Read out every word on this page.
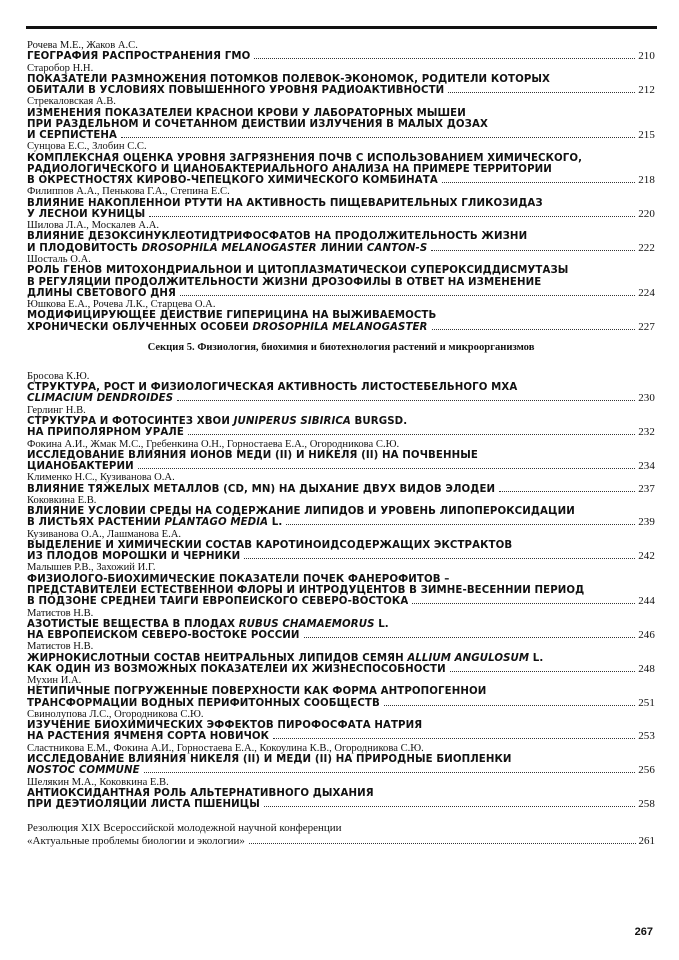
Рочева М.Е., Жаков А.С.
ГЕОГРАФИЯ РАСПРОСТРАНЕНИЯ ГМО	210
Старобор Н.Н.
ПОКАЗАТЕЛИ РАЗМНОЖЕНИЯ ПОТОМКОВ ПОЛЕВОК-ЭКОНОМОК, РОДИТЕЛИ КОТОРЫХ
ОБИТАЛИ В УСЛОВИЯХ ПОВЫШЕННОГО УРОВНЯ РАДИОАКТИВНОСТИ	212
Стрекаловская А.В.
ИЗМЕНЕНИЯ ПОКАЗАТЕЛЕЙ КРАСНОЙ КРОВИ У ЛАБОРАТОРНЫХ МЫШЕЙ
ПРИ РАЗДЕЛЬНОМ И СОЧЕТАННОМ ДЕЙСТВИИ ИЗЛУЧЕНИЯ В МАЛЫХ ДОЗАХ
И СЕРПИСТЕНА	215
Сунцова Е.С., Злобин С.С.
КОМПЛЕКСНАЯ ОЦЕНКА УРОВНЯ ЗАГРЯЗНЕНИЯ ПОЧВ С ИСПОЛЬЗОВАНИЕМ ХИМИЧЕСКОГО,
РАДИОЛОГИЧЕСКОГО И ЦИАНОБАКТЕРИАЛЬНОГО АНАЛИЗА НА ПРИМЕРЕ ТЕРРИТОРИИ
В ОКРЕСТНОСТЯХ КИРОВО-ЧЕПЕЦКОГО ХИМИЧЕСКОГО КОМБИНАТА	218
Филиппов А.А., Пенькова Г.А., Степина Е.С.
ВЛИЯНИЕ НАКОПЛЕННОЙ РТУТИ НА АКТИВНОСТЬ ПИЩЕВАРИТЕЛЬНЫХ ГЛИКОЗИДАЗ
У ЛЕСНОЙ КУНИЦЫ	220
Шилова Л.А., Москалев А.А.
ВЛИЯНИЕ ДЕЗОКСИНУКЛЕОТИДТРИФОСФАТОВ НА ПРОДОЛЖИТЕЛЬНОСТЬ ЖИЗНИ
И ПЛОДОВИТОСТЬ DROSOPHILA MELANOGASTER ЛИНИИ CANTON-S	222
Шосталь О.А.
РОЛЬ ГЕНОВ МИТОХОНДРИАЛЬНОЙ И ЦИТОПЛАЗМАТИЧЕСКОЙ СУПЕРОКСИДДИСМУТАЗЫ
В РЕГУЛЯЦИИ ПРОДОЛЖИТЕЛЬНОСТИ ЖИЗНИ ДРОЗОФИЛЫ В ОТВЕТ НА ИЗМЕНЕНИЕ
ДЛИНЫ СВЕТОВОГО ДНЯ	224
Юшкова Е.А., Рочева Л.К., Старцева О.А.
МОДИФИЦИРУЮЩЕЕ ДЕЙСТВИЕ ГИПЕРИЦИНА НА ВЫЖИВАЕМОСТЬ
ХРОНИЧЕСКИ ОБЛУЧЕННЫХ ОСОБЕЙ DROSOPHILA MELANOGASTER	227
Секция 5. Физиология, биохимия и биотехнология растений и микроорганизмов
Бросова К.Ю.
СТРУКТУРА, РОСТ И ФИЗИОЛОГИЧЕСКАЯ АКТИВНОСТЬ ЛИСТОСТЕБЕЛЬНОГО МХА
CLIMACIUM DENDROIDES	230
Герлинг Н.В.
СТРУКТУРА И ФОТОСИНТЕЗ ХВОИ JUNIPERUS SIBIRICA BURGSD.
НА ПРИПОЛЯРНОМ УРАЛЕ	232
Фокина А.И., Жмак М.С., Гребенкина О.Н., Горностаева Е.А., Огородникова С.Ю.
ИССЛЕДОВАНИЕ ВЛИЯНИЯ ИОНОВ МЕДИ (II) И НИКЕЛЯ (II) НА ПОЧВЕННЫЕ
ЦИАНОБАКТЕРИИ	234
Клименко Н.С., Кузиванова О.А.
ВЛИЯНИЕ ТЯЖЕЛЫХ МЕТАЛЛОВ (CD, MN) НА ДЫХАНИЕ ДВУХ ВИДОВ ЭЛОДЕИ	237
Коковкина Е.В.
ВЛИЯНИЕ УСЛОВИЙ СРЕДЫ НА СОДЕРЖАНИЕ ЛИПИДОВ И УРОВЕНЬ ЛИПОПЕРОКСИДАЦИИ
В ЛИСТЬЯХ РАСТЕНИЙ PLANTAGO MEDIA L.	239
Кузиванова О.А., Лашманова Е.А.
ВЫДЕЛЕНИЕ И ХИМИЧЕСКИЙ СОСТАВ КАРОТИНОИДСОДЕРЖАЩИХ ЭКСТРАКТОВ
ИЗ ПЛОДОВ МОРОШКИ И ЧЕРНИКИ	242
Малышев Р.В., Захожий И.Г.
ФИЗИОЛОГО-БИОХИМИЧЕСКИЕ ПОКАЗАТЕЛИ ПОЧЕК ФАНЕРОФИТОВ –
ПРЕДСТАВИТЕЛЕЙ ЕСТЕСТВЕННОЙ ФЛОРЫ И ИНТРОДУЦЕНТОВ В ЗИМНЕ-ВЕСЕННИЙ ПЕРИОД
В ПОДЗОНЕ СРЕДНЕЙ ТАЙГИ ЕВРОПЕЙСКОГО СЕВЕРО-ВОСТОКА	244
Матистов Н.В.
АЗОТИСТЫЕ ВЕЩЕСТВА В ПЛОДАХ RUBUS CHAMAEMORUS L.
НА ЕВРОПЕЙСКОМ СЕВЕРО-ВОСТОКЕ РОССИИ	246
Матистов Н.В.
ЖИРНОКИСЛОТНЫЙ СОСТАВ НЕЙТРАЛЬНЫХ ЛИПИДОВ СЕМЯН ALLIUM ANGULOSUM L.
КАК ОДИН ИЗ ВОЗМОЖНЫХ ПОКАЗАТЕЛЕЙ ИХ ЖИЗНЕСПОСОБНОСТИ	248
Мухин И.А.
НЕТИПИЧНЫЕ ПОГРУЖЕННЫЕ ПОВЕРХНОСТИ КАК ФОРМА АНТРОПОГЕННОЙ
ТРАНСФОРМАЦИИ ВОДНЫХ ПЕРИФИТОННЫХ СООБЩЕСТВ	251
Свинолупова Л.С., Огородникова С.Ю.
ИЗУЧЕНИЕ БИОХИМИЧЕСКИХ ЭФФЕКТОВ ПИРОФОСФАТА НАТРИЯ
НА РАСТЕНИЯ ЯЧМЕНЯ СОРТА НОВИЧОК	253
Сластникова Е.М., Фокина А.И., Горностаева Е.А., Кокоулина К.В., Огородникова С.Ю.
ИССЛЕДОВАНИЕ ВЛИЯНИЯ НИКЕЛЯ (II) И МЕДИ (II) НА ПРИРОДНЫЕ БИОПЛЕНКИ
NOSTOC COMMUNE	256
Шелякин М.А., Коковкина Е.В.
АНТИОКСИДАНТНАЯ РОЛЬ АЛЬТЕРНАТИВНОГО ДЫХАНИЯ
ПРИ ДЕЭТИОЛЯЦИИ ЛИСТА ПШЕНИЦЫ	258
Резолюция XIX Всероссийской молодежной научной конференции
«Актуальные проблемы биологии и экологии»	261
267
